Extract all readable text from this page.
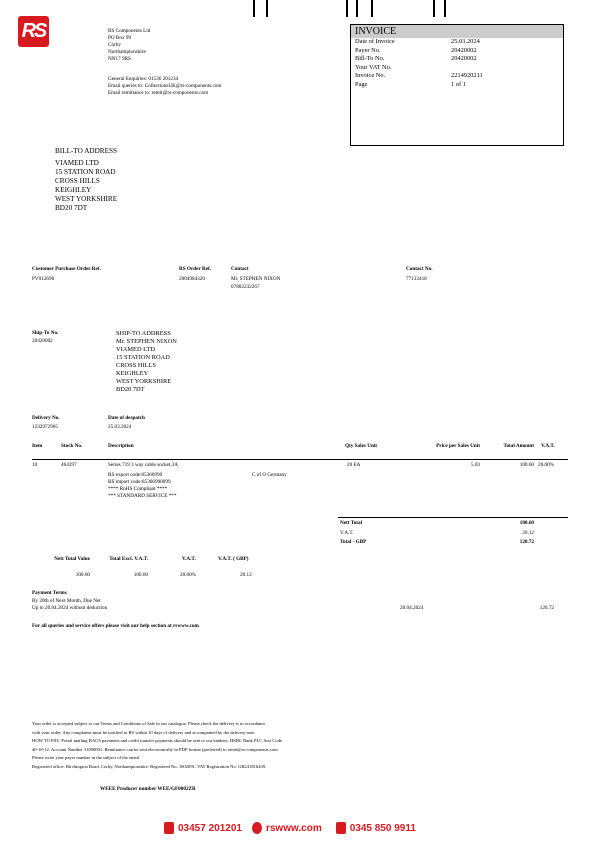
RS	RS Components Ltd
PO Box 99
Corby
Northamptonshire
NN17 9RS
General Enquiries: 01536 201234
Email queries to: CollectionsUK@rs-components.com
Email remittance to: remit@rs-components.com
INVOICE
Date of Invoice	25.03.2024
Payer No.	20420002
Bill-To No.	20420002
Your VAT No.
Invoice No.	2214920211
Page	1 of 1
BILL-TO ADDRESS
VIAMED LTD
15 STATION ROAD
CROSS HILLS
KEIGHLEY
WEST YORKSHIRE
BD20 7DT
Customer Purchase Order Ref.
PV012690
RS Order Ref.
2004984320
Contact
Mr. STEPHEN NIXON
07802232267
Contact No.
77133418
Ship-To No.
20420002
SHIP-TO ADDRESS
Mr. STEPHEN NIXON
VIAMED LTD
15 STATION ROAD
CROSS HILLS
KEIGHLEY
WEST YORKSHIRE
BD20 7DT
Delivery No.
1232972965
Date of despatch
25.03.2024
Item	Stock No.	Description	Qty Sales Unit	Price per Sales Unit	Total Amount V.A.T.
10	464397	Series 719 3 way cable socket,3A	20 EA	5.03	100.60 20.00%
RS export code:85366990
RS import code:85366990099
**** RoHS Compliant ****
*** STANDARD SERVICE ***
C of O Germany
Nett Total	100.60
V.A.T.	20.12
Total - GBP	120.72
Nett Total Value	Total Excl. V.A.T.	V.A.T.	V.A.T. ( GBP)
100.60	100.60	20.00%	20.12
Payment Terms
By 20th of Next Month, Due Net
Up to 20.04.2024 without deduction	20.04.2024	120.72
For all queries and service offers please visit our help section at rswww.com
Your order is accepted subject to our Terms and Conditions of Sale in our catalogue. Please check the delivery is in accordance
with your order. Any complaints must be notified to RS within 10 days of delivery and accompanied by the delivery note.
HOW TO PAY. Postal mailing BACS payments and credit transfer payments should be sent to our bankers, HSBC Bank PLC Sort Code
40-18-12. Account Number 31090001. Remittance can be sent electronically in PDF format (preferred) to remit@rs-components.com
Please write your payer number in the subject of the email.
Registered office: Birchington Road, Corby, Northamptonshire. Registered No. 1002091. VAT Registration No. GB241816439.
WEEE Producer number WEE/GF0002ZR
03457 201201 rswww.com	0345 850 9911
